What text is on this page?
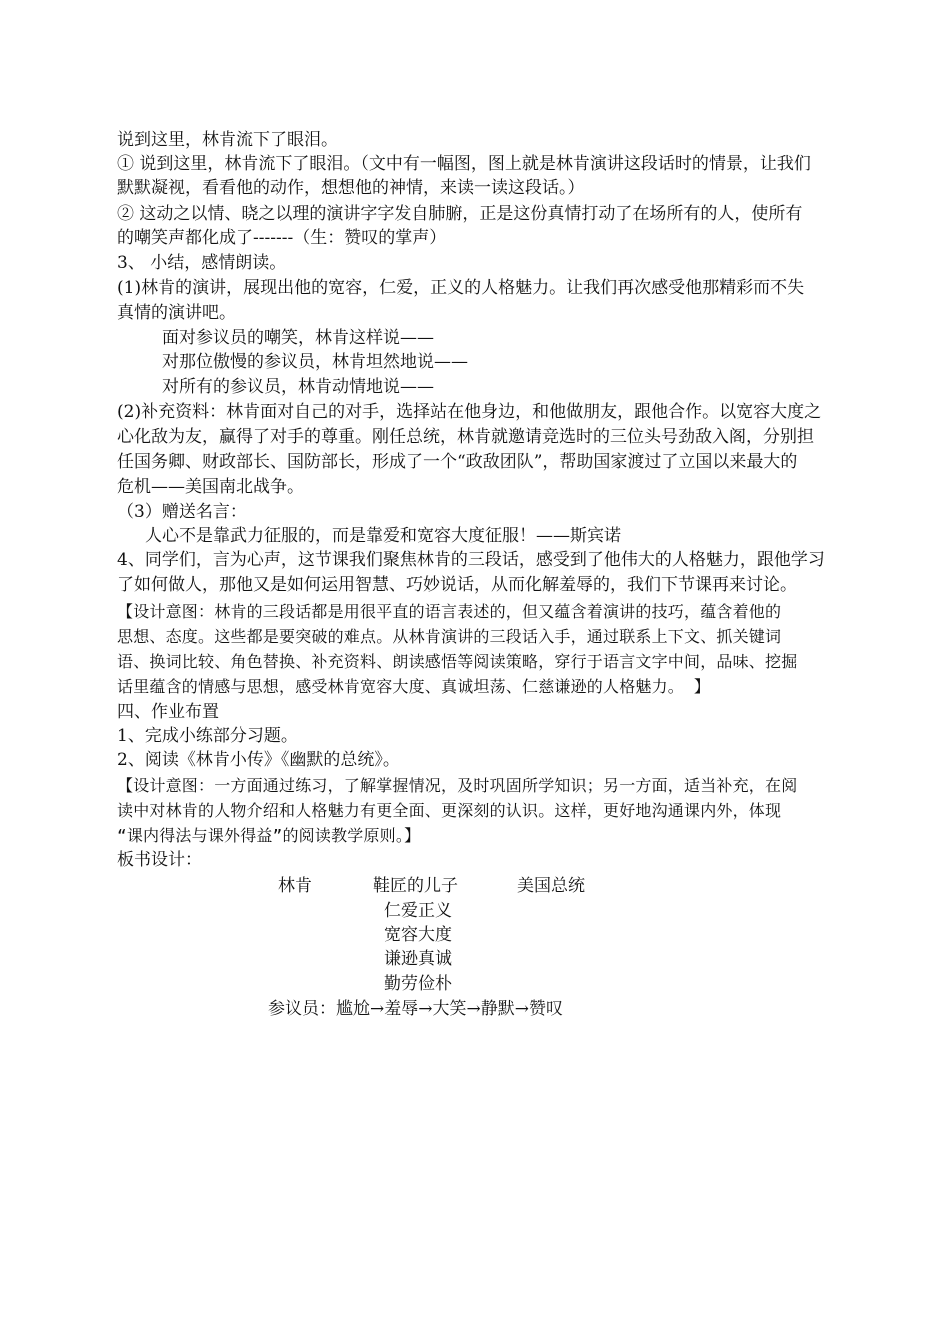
说到这里，林肯流下了眼泪。
① 说到这里，林肯流下了眼泪。（文中有一幅图，图上就是林肯演讲这段话时的情景，让我们
默默凝视，看看他的动作，想想他的神情，来读一读这段话。）
② 这动之以情、晓之以理的演讲字字发自肺腑，正是这份真情打动了在场所有的人，使所有
的嘲笑声都化成了-------（生：赞叹的掌声）
3、 小结，感情朗读。
(1)林肯的演讲，展现出他的宽容，仁爱，正义的人格魅力。让我们再次感受他那精彩而不失
真情的演讲吧。
面对参议员的嘲笑，林肯这样说——
对那位傲慢的参议员，林肯坦然地说——
对所有的参议员，林肯动情地说——
(2)补充资料：林肯面对自己的对手，选择站在他身边，和他做朋友，跟他合作。以宽容大度之
心化敌为友，赢得了对手的尊重。刚任总统，林肯就邀请竞选时的三位头号劲敌入阁，分别担
任国务卿、财政部长、国防部长，形成了一个“政敌团队”，帮助国家渡过了立国以来最大的
危机——美国南北战争。
（3）赠送名言：
人心不是靠武力征服的，而是靠爱和宽容大度征服！——斯宾诺
4、同学们，言为心声，这节课我们聚焦林肯的三段话，感受到了他伟大的人格魅力，跟他学习
了如何做人，那他又是如何运用智慧、巧妙说话，从而化解羞辱的，我们下节课再来讨论。
【设计意图：林肯的三段话都是用很平直的语言表述的，但又蕴含着演讲的技巧，蕴含着他的
思想、态度。这些都是要突破的难点。从林肯演讲的三段话入手，通过联系上下文、抓关键词
语、换词比较、角色替换、补充资料、朗读感悟等阅读策略，穿行于语言文字中间，品味、挖掘
话里蕴含的情感与思想，感受林肯宽容大度、真诚坦荡、仁慈谦逊的人格魅力。 】
四、作业布置
1、完成小练部分习题。
2、阅读《林肯小传》《幽默的总统》。
【设计意图：一方面通过练习，了解掌握情况，及时巩固所学知识；另一方面，适当补充，在阅
读中对林肯的人物介绍和人格魅力有更全面、更深刻的认识。这样，更好地沟通课内外，体现
“课内得法与课外得益”的阅读教学原则。】
板书设计：
林肯	鞋匠的儿子	美国总统
仁爱正义
宽容大度
谦逊真诚
勤劳俭朴
参议员：尴尬→羞辱→大笑→静默→赞叹
